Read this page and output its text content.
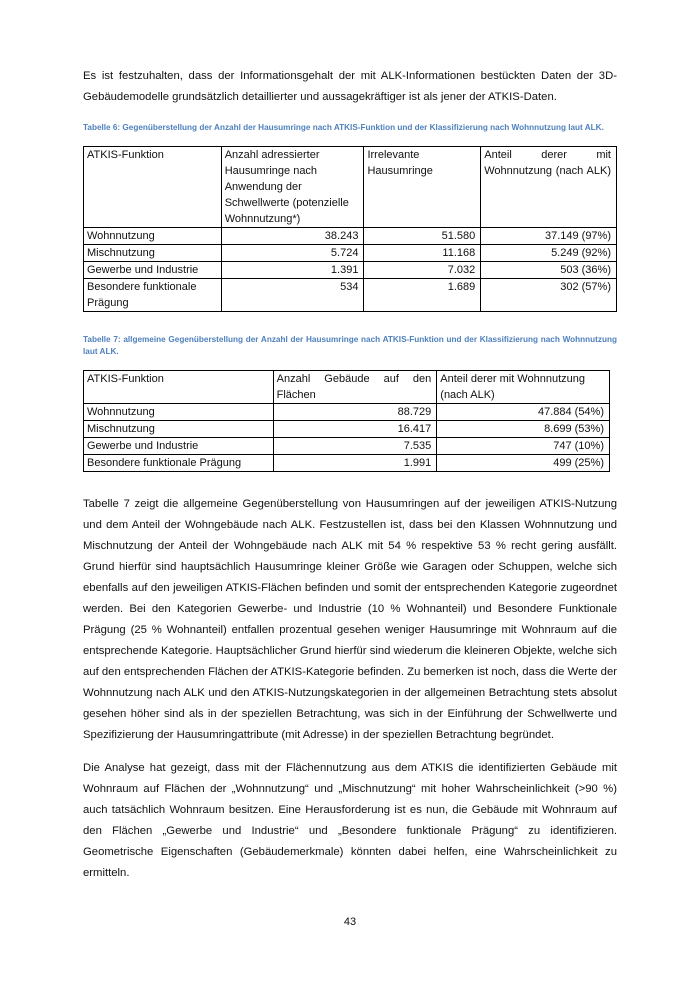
Es ist festzuhalten, dass der Informationsgehalt der mit ALK-Informationen bestückten Daten der 3D-Gebäudemodelle grundsätzlich detaillierter und aussagekräftiger ist als jener der ATKIS-Daten.

Tabelle 6: Gegenüberstellung der Anzahl der Hausumringe nach ATKIS-Funktion und der Klassifizierung nach Wohnnutzung laut ALK.

ATKIS-Funktion	Anzahl adressierter Hausumringe nach Anwendung der Schwellwerte (potenzielle Wohnnutzung*)	Irrelevante Hausumringe	Anteil derer mit Wohnnutzung (nach ALK)

Wohnnutzung	38.243	51.580	37.149 (97%)
Mischnutzung	5.724	11.168	5.249 (92%)
Gewerbe und Industrie	1.391	7.032	503 (36%)
Besondere funktionale Prägung	534	1.689	302 (57%)

Tabelle 7: allgemeine Gegenüberstellung der Anzahl der Hausumringe nach ATKIS-Funktion und der Klassifizierung nach Wohnnutzung laut ALK.

ATKIS-Funktion	Anzahl Gebäude auf den Flächen	Anteil derer mit Wohnnutzung (nach ALK)
Wohnnutzung	88.729	47.884 (54%)
Mischnutzung	16.417	8.699 (53%)
Gewerbe und Industrie	7.535	747 (10%)
Besondere funktionale Prägung	1.991	499 (25%)

Tabelle 7 zeigt die allgemeine Gegenüberstellung von Hausumringen auf der jeweiligen ATKIS-Nutzung und dem Anteil der Wohngebäude nach ALK. Festzustellen ist, dass bei den Klassen Wohnnutzung und Mischnutzung der Anteil der Wohngebäude nach ALK mit 54 % respektive 53 % recht gering ausfällt. Grund hierfür sind hauptsächlich Hausumringe kleiner Größe wie Garagen oder Schuppen, welche sich ebenfalls auf den jeweiligen ATKIS-Flächen befinden und somit der entsprechenden Kategorie zugeordnet werden. Bei den Kategorien Gewerbe- und Industrie (10 % Wohnanteil) und Besondere Funktionale Prägung (25 % Wohnanteil) entfallen prozentual gesehen weniger Hausumringe mit Wohnraum auf die entsprechende Kategorie. Hauptsächlicher Grund hierfür sind wiederum die kleineren Objekte, welche sich auf den entsprechenden Flächen der ATKIS-Kategorie befinden. Zu bemerken ist noch, dass die Werte der Wohnnutzung nach ALK und den ATKIS-Nutzungskategorien in der allgemeinen Betrachtung stets absolut gesehen höher sind als in der speziellen Betrachtung, was sich in der Einführung der Schwellwerte und Spezifizierung der Hausumringattribute (mit Adresse) in der speziellen Betrachtung begründet.

Die Analyse hat gezeigt, dass mit der Flächennutzung aus dem ATKIS die identifizierten Gebäude mit Wohnraum auf Flächen der „Wohnnutzung“ und „Mischnutzung“ mit hoher Wahrscheinlichkeit (>90 %) auch tatsächlich Wohnraum besitzen. Eine Herausforderung ist es nun, die Gebäude mit Wohnraum auf den Flächen „Gewerbe und Industrie“ und „Besondere funktionale Prägung“ zu identifizieren. Geometrische Eigenschaften (Gebäudemerkmale) könnten dabei helfen, eine Wahrscheinlichkeit zu ermitteln.

43
